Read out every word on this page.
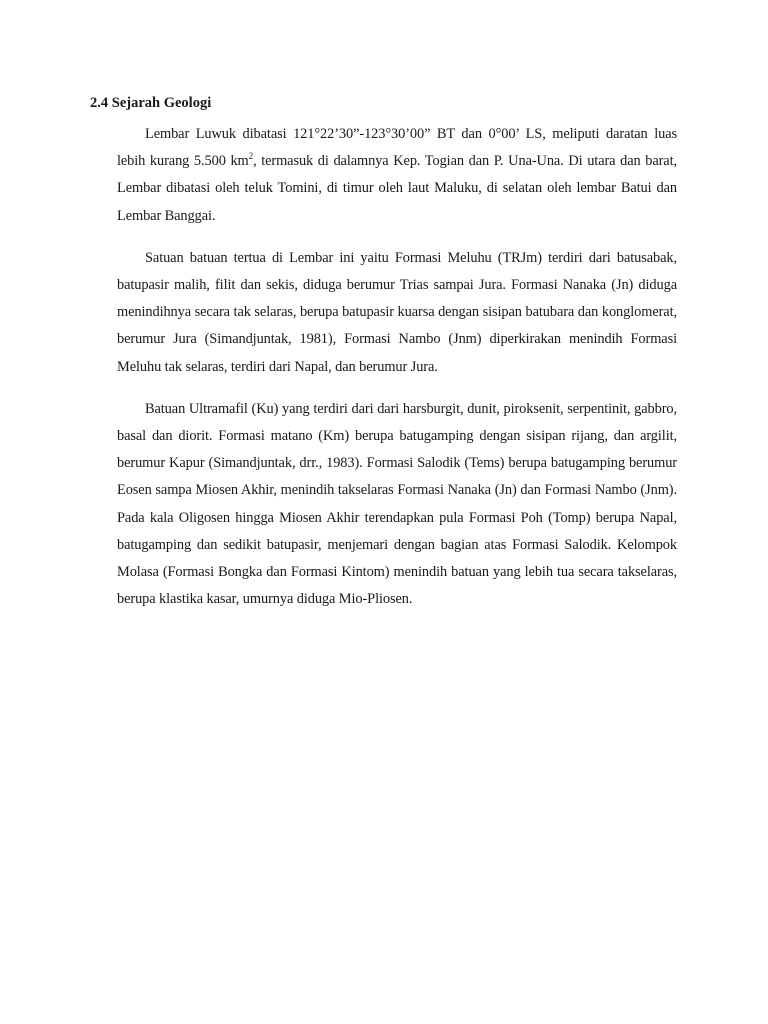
2.4 Sejarah Geologi

Lembar Luwuk dibatasi 121°22’30”-123°30’00” BT dan 0°00’ LS, meliputi daratan luas lebih kurang 5.500 $km^2$, termasuk di dalamnya Kep. Togian dan P. Una-Una. Di utara dan barat, Lembar dibatasi oleh teluk Tomini, di timur oleh laut Maluku, di selatan oleh lembar Batui dan Lembar Banggai.

Satuan batuan tertua di Lembar ini yaitu Formasi Meluhu (TRJm) terdiri dari batusabak, batupasir malih, filit dan sekis, diduga berumur Trias sampai Jura. Formasi Nanaka (Jn) diduga menindihnya secara tak selaras, berupa batupasir kuarsa dengan sisipan batubara dan konglomerat, berumur Jura (Simandjuntak, 1981), Formasi Nambo (Jnm) diperkirakan menindih Formasi Meluhu tak selaras, terdiri dari Napal, dan berumur Jura.

Batuan Ultramafil (Ku) yang terdiri dari dari harsburgit, dunit, piroksenit, serpentinit, gabbro, basal dan diorit. Formasi matano (Km) berupa batugamping dengan sisipan rijang, dan argilit, berumur Kapur (Simandjuntak, drr., 1983). Formasi Salodik (Tems) berupa batugamping berumur Eosen sampa Miosen Akhir, menindih takselaras Formasi Nanaka (Jn) dan Formasi Nambo (Jnm). Pada kala Oligosen hingga Miosen Akhir terendapkan pula Formasi Poh (Tomp) berupa Napal, batugamping dan sedikit batupasir, menjemari dengan bagian atas Formasi Salodik. Kelompok Molasa (Formasi Bongka dan Formasi Kintom) menindih batuan yang lebih tua secara takselaras, berupa klastika kasar, umurnya diduga Mio-Pliosen.
